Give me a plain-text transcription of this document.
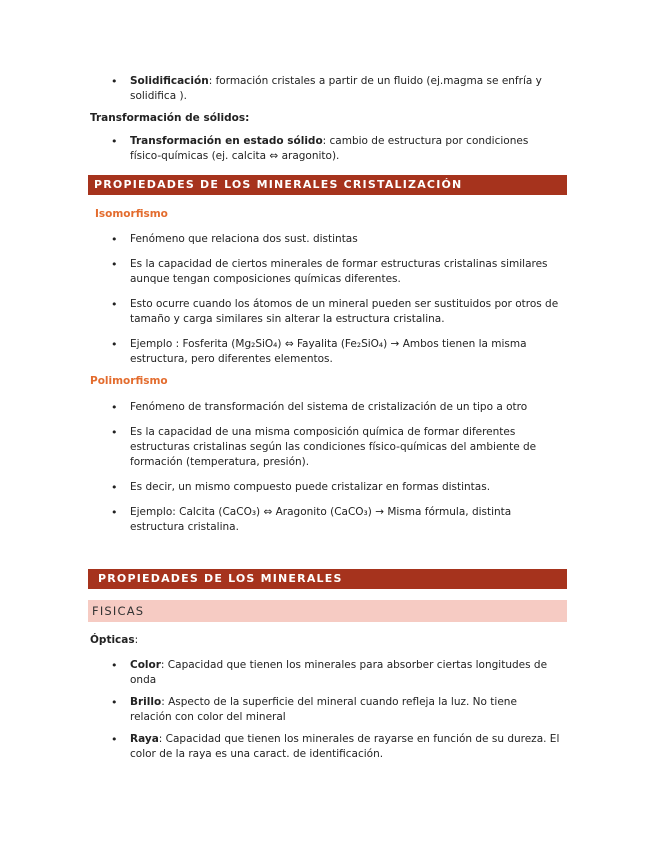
• Solidificación: formación cristales a partir de un fluido (ej.magma se enfría y solidifica ).
Transformación de sólidos:
• Transformación en estado sólido: cambio de estructura por condiciones físico-químicas (ej. calcita ⇔ aragonito).
PROPIEDADES DE LOS MINERALES CRISTALIZACIÓN
Isomorfismo
• Fenómeno que relaciona dos sust. distintas
• Es la capacidad de ciertos minerales de formar estructuras cristalinas similares aunque tengan composiciones químicas diferentes.
• Esto ocurre cuando los átomos de un mineral pueden ser sustituidos por otros de tamaño y carga similares sin alterar la estructura cristalina.
• Ejemplo : Fosferita (Mg₂SiO₄) ⇔ Fayalita (Fe₂SiO₄) → Ambos tienen la misma estructura, pero diferentes elementos.
Polimorfismo
• Fenómeno de transformación del sistema de cristalización de un tipo a otro
• Es la capacidad de una misma composición química de formar diferentes estructuras cristalinas según las condiciones físico-químicas del ambiente de formación (temperatura, presión).
• Es decir, un mismo compuesto puede cristalizar en formas distintas.
• Ejemplo: Calcita (CaCO₃) ⇔ Aragonito (CaCO₃) → Misma fórmula, distinta estructura cristalina.
PROPIEDADES DE LOS MINERALES
FISICAS
Ópticas:
• Color: Capacidad que tienen los minerales para absorber ciertas longitudes de onda
• Brillo: Aspecto de la superficie del mineral cuando refleja la luz. No tiene relación con color del mineral
• Raya: Capacidad que tienen los minerales de rayarse en función de su dureza. El color de la raya es una caract. de identificación.
